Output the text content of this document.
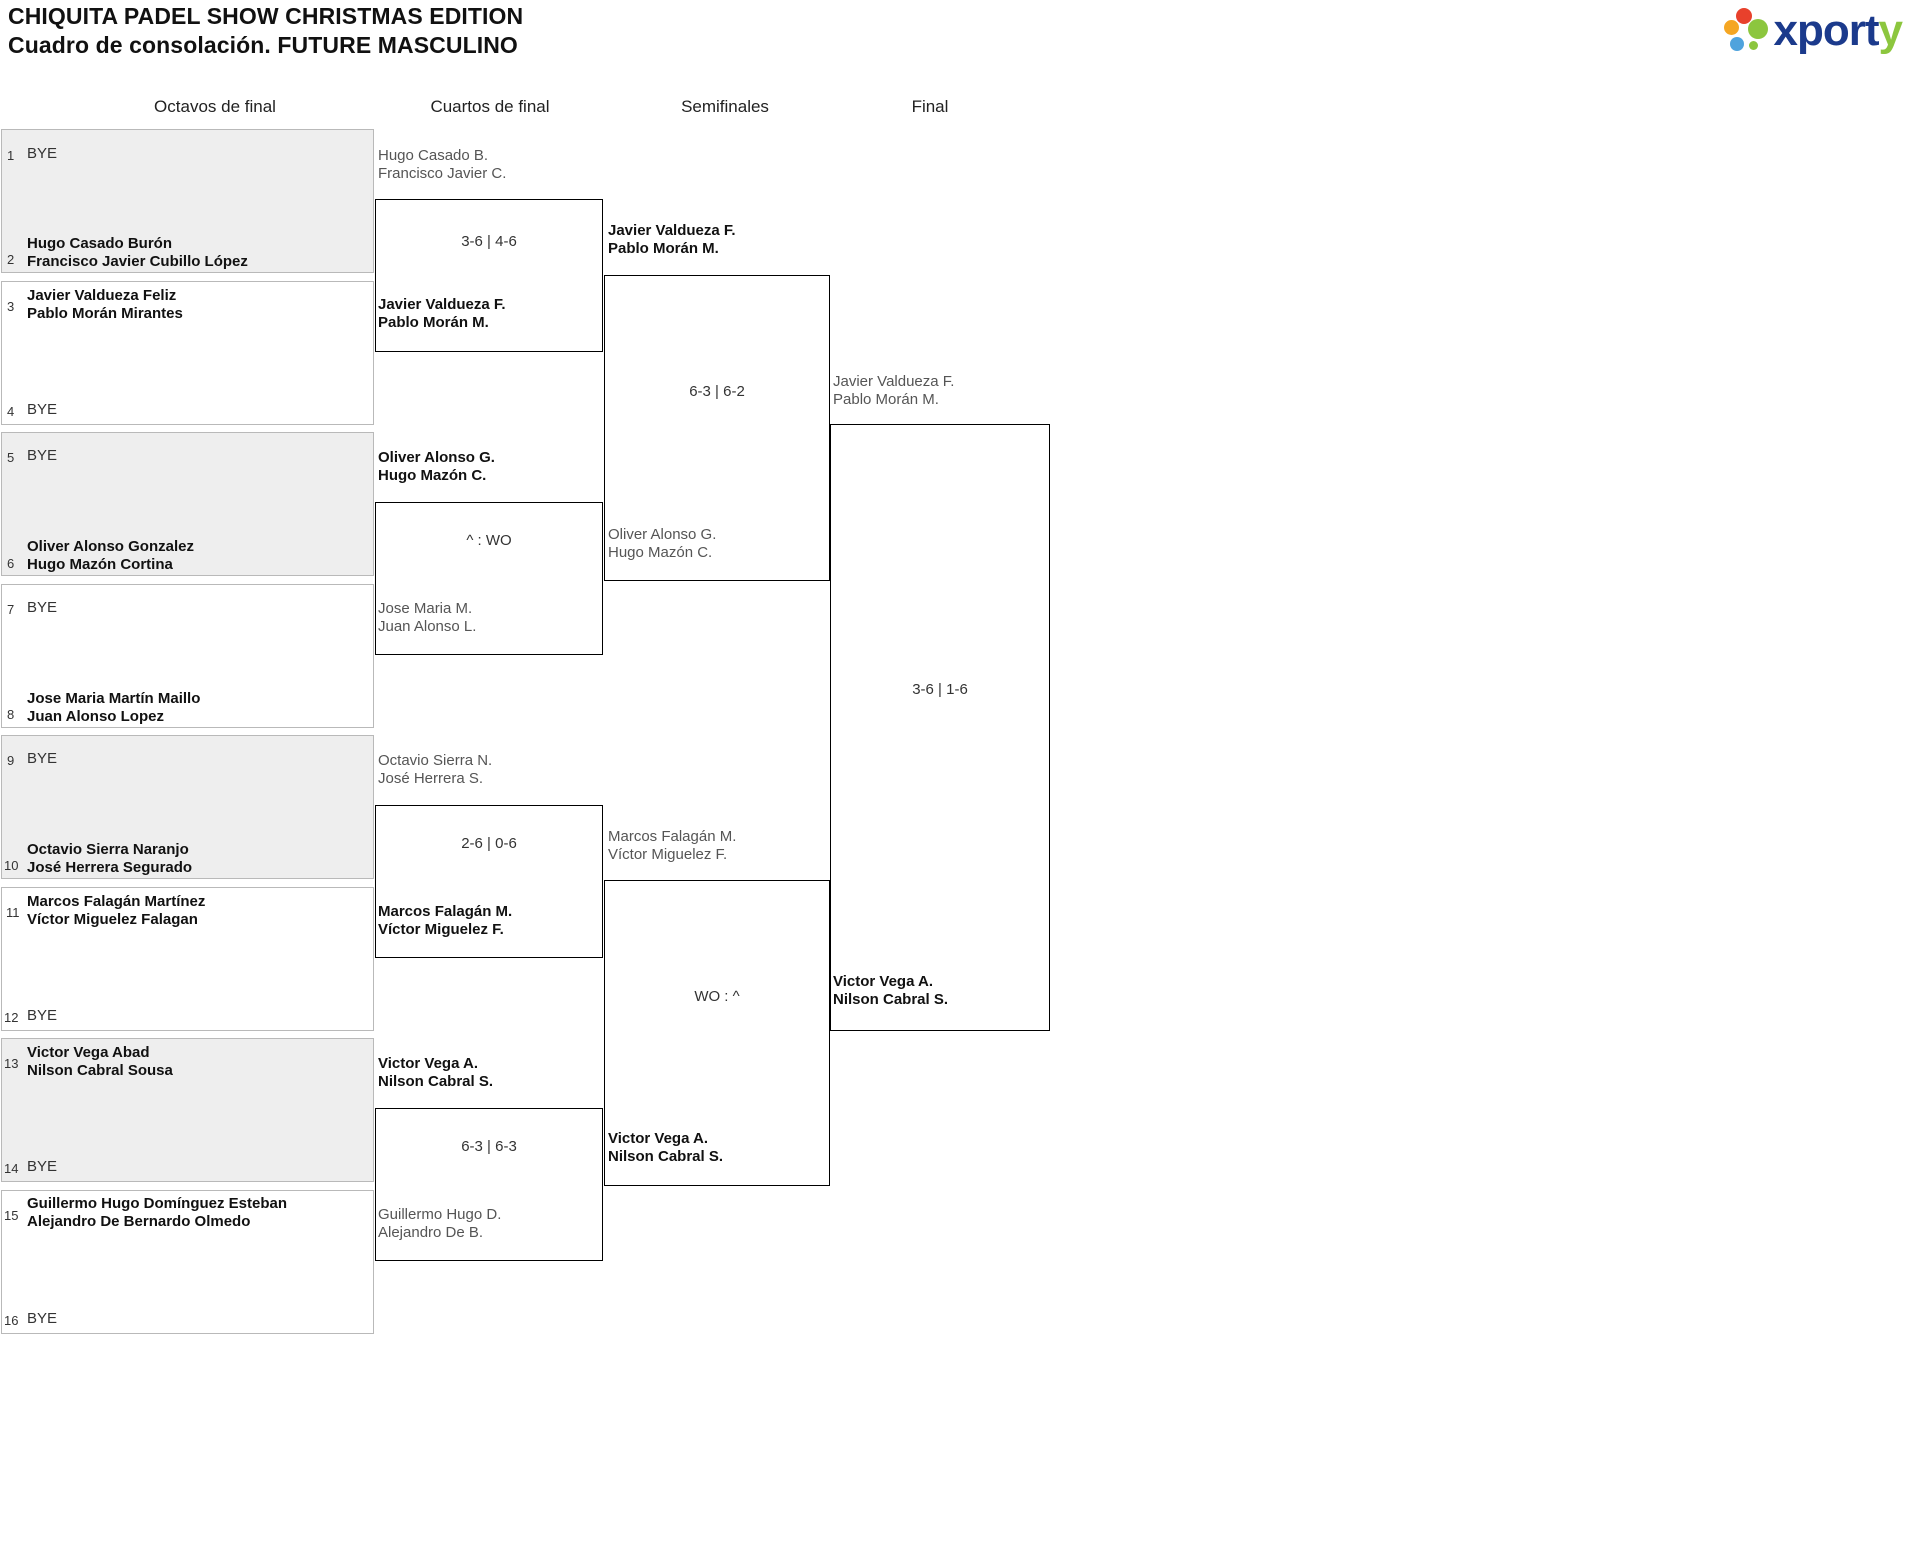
CHIQUITA PADEL SHOW CHRISTMAS EDITION
Cuadro de consolación. FUTURE MASCULINO	xporty
Octavos de final	Cuartos de final	Semifinales	Final
1 BYE
2
Hugo Casado Burón
Francisco Javier Cubillo López
3
Javier Valdueza Feliz
Pablo Morán Mirantes
4 BYE
5 BYE
6
Oliver Alonso Gonzalez
Hugo Mazón Cortina
7 BYE
8
Jose Maria Martín Maillo
Juan Alonso Lopez
9 BYE
10
Octavio Sierra Naranjo
José Herrera Segurado
11
Marcos Falagán Martínez
Víctor Miguelez Falagan
12 BYE
13
Victor Vega Abad
Nilson Cabral Sousa
14 BYE
15
Guillermo Hugo Domínguez Esteban
Alejandro De Bernardo Olmedo
16 BYE
Hugo Casado B.
Francisco Javier C.
3-6 | 4-6
Javier Valdueza F.
Pablo Morán M.
Oliver Alonso G.
Hugo Mazón C.
^ : WO
Jose Maria M.
Juan Alonso L.
Octavio Sierra N.
José Herrera S.
2-6 | 0-6
Marcos Falagán M.
Víctor Miguelez F.
Victor Vega A.
Nilson Cabral S.
6-3 | 6-3
Guillermo Hugo D.
Alejandro De B.
Javier Valdueza F.
Pablo Morán M.
6-3 | 6-2
Oliver Alonso G.
Hugo Mazón C.
Marcos Falagán M.
Víctor Miguelez F.
WO : ^
Victor Vega A.
Nilson Cabral S.
Javier Valdueza F.
Pablo Morán M.
3-6 | 1-6
Victor Vega A.
Nilson Cabral S.
